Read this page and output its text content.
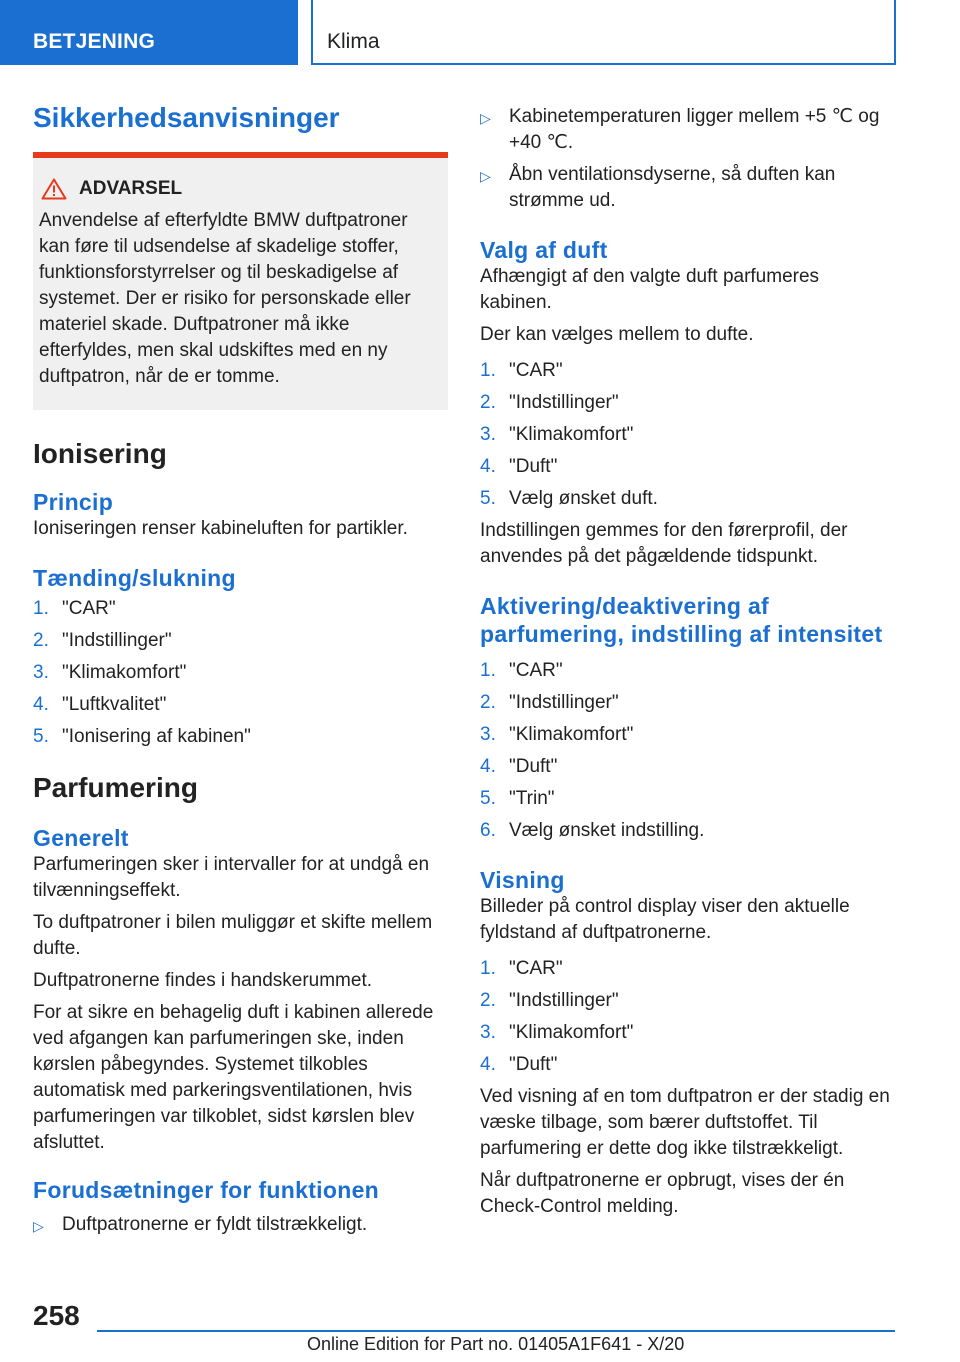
BETJENING	Klima
Sikkerhedsanvisninger
ADVARSEL

Anvendelse af efterfyldte BMW duftpatroner kan føre til udsendelse af skadelige stoffer, funktionsforstyrrelser og til beskadigelse af systemet. Der er risiko for personskade eller materiel skade. Duftpatroner må ikke efterfyldes, men skal udskiftes med en ny duftpatron, når de er tomme.

Ionisering
Princip

Ioniseringen renser kabineluften for partikler.

Tænding/slukning
1. "CAR"
2. "Indstillinger"
3. "Klimakomfort"
4. "Luftkvalitet"
5. "Ionisering af kabinen"
Parfumering
Generelt

Parfumeringen sker i intervaller for at undgå en tilvænningseffekt.

To duftpatroner i bilen muliggør et skifte mellem dufte.

Duftpatronerne findes i handskerummet.

For at sikre en behagelig duft i kabinen allerede ved afgangen kan parfumeringen ske, inden kørslen påbegyndes. Systemet tilkobles automatisk med parkeringsventilationen, hvis parfumeringen var tilkoblet, sidst kørslen blev afsluttet.

Forudsætninger for funktionen
▷ Duftpatronerne er fyldt tilstrækkeligt.
▷ Kabinetemperaturen ligger mellem +5 ℃ og +40 ℃.
▷ Åbn ventilationsdyserne, så duften kan strømme ud.
Valg af duft

Afhængigt af den valgte duft parfumeres kabinen.

Der kan vælges mellem to dufte.

1. "CAR"
2. "Indstillinger"
3. "Klimakomfort"
4. "Duft"
5. Vælg ønsket duft.

Indstillingen gemmes for den førerprofil, der anvendes på det pågældende tidspunkt.

Aktivering/deaktivering af
parfumering, indstilling af intensitet
1. "CAR"
2. "Indstillinger"
3. "Klimakomfort"
4. "Duft"
5. "Trin"
6. Vælg ønsket indstilling.
Visning

Billeder på control display viser den aktuelle fyldstand af duftpatronerne.

1. "CAR"
2. "Indstillinger"
3. "Klimakomfort"
4. "Duft"

Ved visning af en tom duftpatron er der stadig en væske tilbage, som bærer duftstoffet. Til parfumering er dette dog ikke tilstrækkeligt.

Når duftpatronerne er opbrugt, vises der én Check-Control melding.

258
Online Edition for Part no. 01405A1F641 - X/20
